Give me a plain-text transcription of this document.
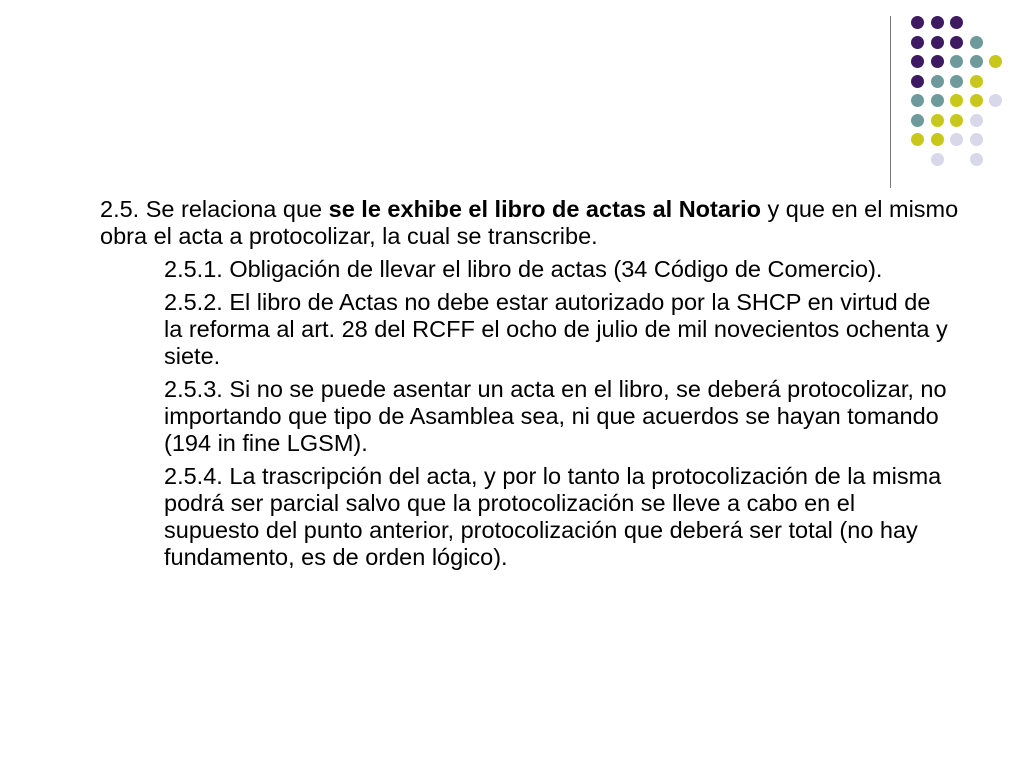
2.5. Se relaciona que se le exhibe el libro de actas al Notario y que en el mismo obra el acta a protocolizar, la cual se transcribe.

2.5.1. Obligación de llevar el libro de actas (34 Código de Comercio).

2.5.2. El libro de Actas no debe estar autorizado por la SHCP en virtud de la reforma al art. 28 del RCFF el ocho de julio de mil novecientos ochenta y siete.

2.5.3. Si no se puede asentar un acta en el libro, se deberá protocolizar, no importando que tipo de Asamblea sea, ni que acuerdos se hayan tomando (194 in fine LGSM).

2.5.4. La trascripción del acta, y por lo tanto la protocolización de la misma podrá ser parcial salvo que la protocolización se lleve a cabo en el supuesto del punto anterior, protocolización que deberá ser total (no hay fundamento, es de orden lógico).
